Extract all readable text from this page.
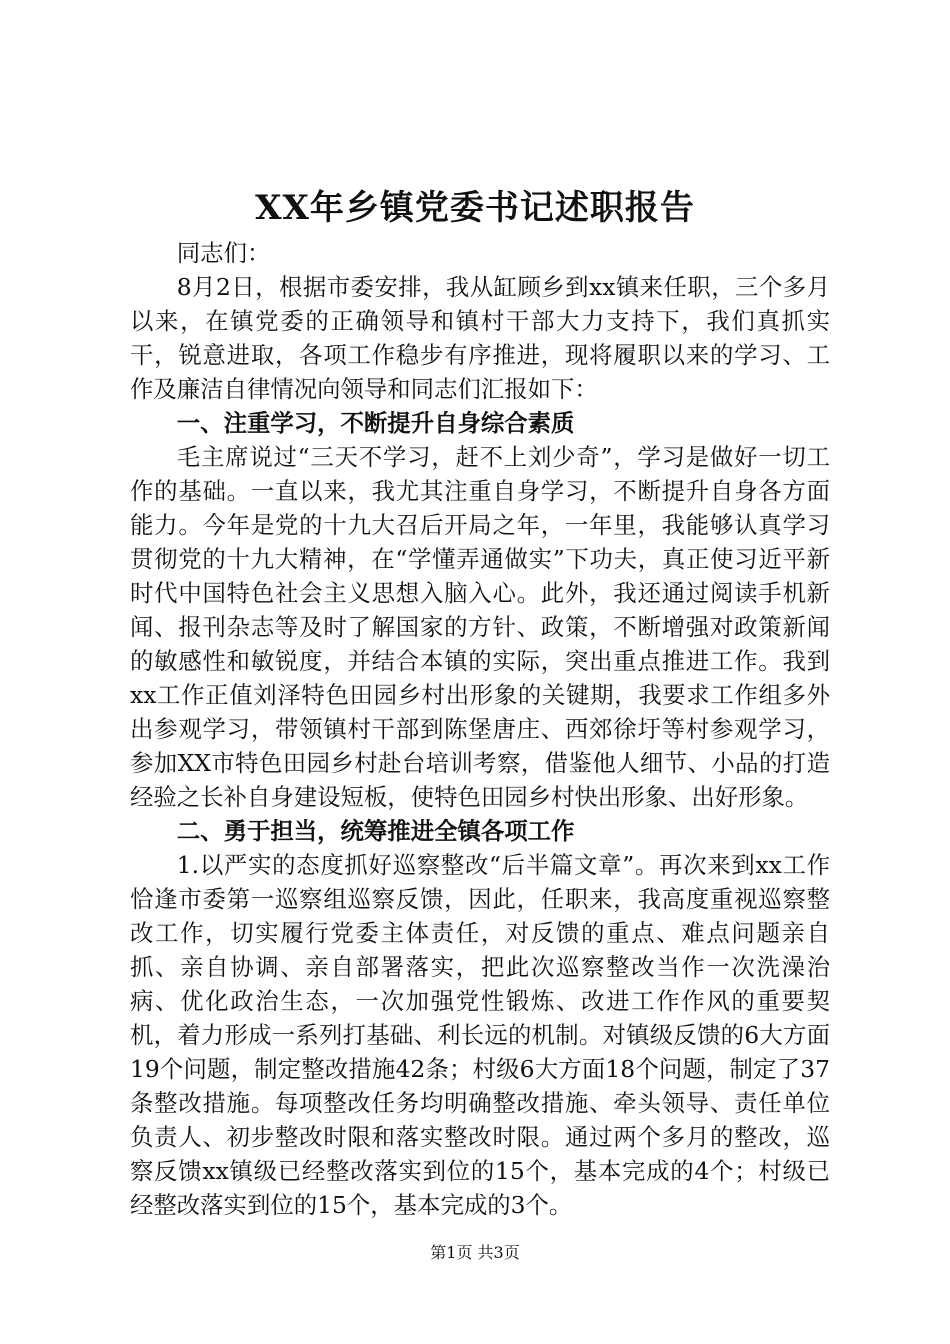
XX年乡镇党委书记述职报告

同志们：

8月2日，根据市委安排，我从缸顾乡到xx镇来任职，三个多月以来，在镇党委的正确领导和镇村干部大力支持下，我们真抓实干，锐意进取，各项工作稳步有序推进，现将履职以来的学习、工作及廉洁自律情况向领导和同志们汇报如下：

一、注重学习，不断提升自身综合素质

毛主席说过“三天不学习，赶不上刘少奇”，学习是做好一切工作的基础。一直以来，我尤其注重自身学习，不断提升自身各方面能力。今年是党的十九大召后开局之年，一年里，我能够认真学习贯彻党的十九大精神，在“学懂弄通做实”下功夫，真正使习近平新时代中国特色社会主义思想入脑入心。此外，我还通过阅读手机新闻、报刊杂志等及时了解国家的方针、政策，不断增强对政策新闻的敏感性和敏锐度，并结合本镇的实际，突出重点推进工作。我到xx工作正值刘泽特色田园乡村出形象的关键期，我要求工作组多外出参观学习，带领镇村干部到陈堡唐庄、西郊徐圩等村参观学习，参加XX市特色田园乡村赴台培训考察，借鉴他人细节、小品的打造经验之长补自身建设短板，使特色田园乡村快出形象、出好形象。

二、勇于担当，统筹推进全镇各项工作

1.以严实的态度抓好巡察整改“后半篇文章”。再次来到xx工作恰逢市委第一巡察组巡察反馈，因此，任职来，我高度重视巡察整改工作，切实履行党委主体责任，对反馈的重点、难点问题亲自抓、亲自协调、亲自部署落实，把此次巡察整改当作一次洗澡治病、优化政治生态，一次加强党性锻炼、改进工作作风的重要契机，着力形成一系列打基础、利长远的机制。对镇级反馈的6大方面19个问题，制定整改措施42条；村级6大方面18个问题，制定了37条整改措施。每项整改任务均明确整改措施、牵头领导、责任单位负责人、初步整改时限和落实整改时限。通过两个多月的整改，巡察反馈xx镇级已经整改落实到位的15个，基本完成的4个；村级已经整改落实到位的15个，基本完成的3个。

第1页 共3页
